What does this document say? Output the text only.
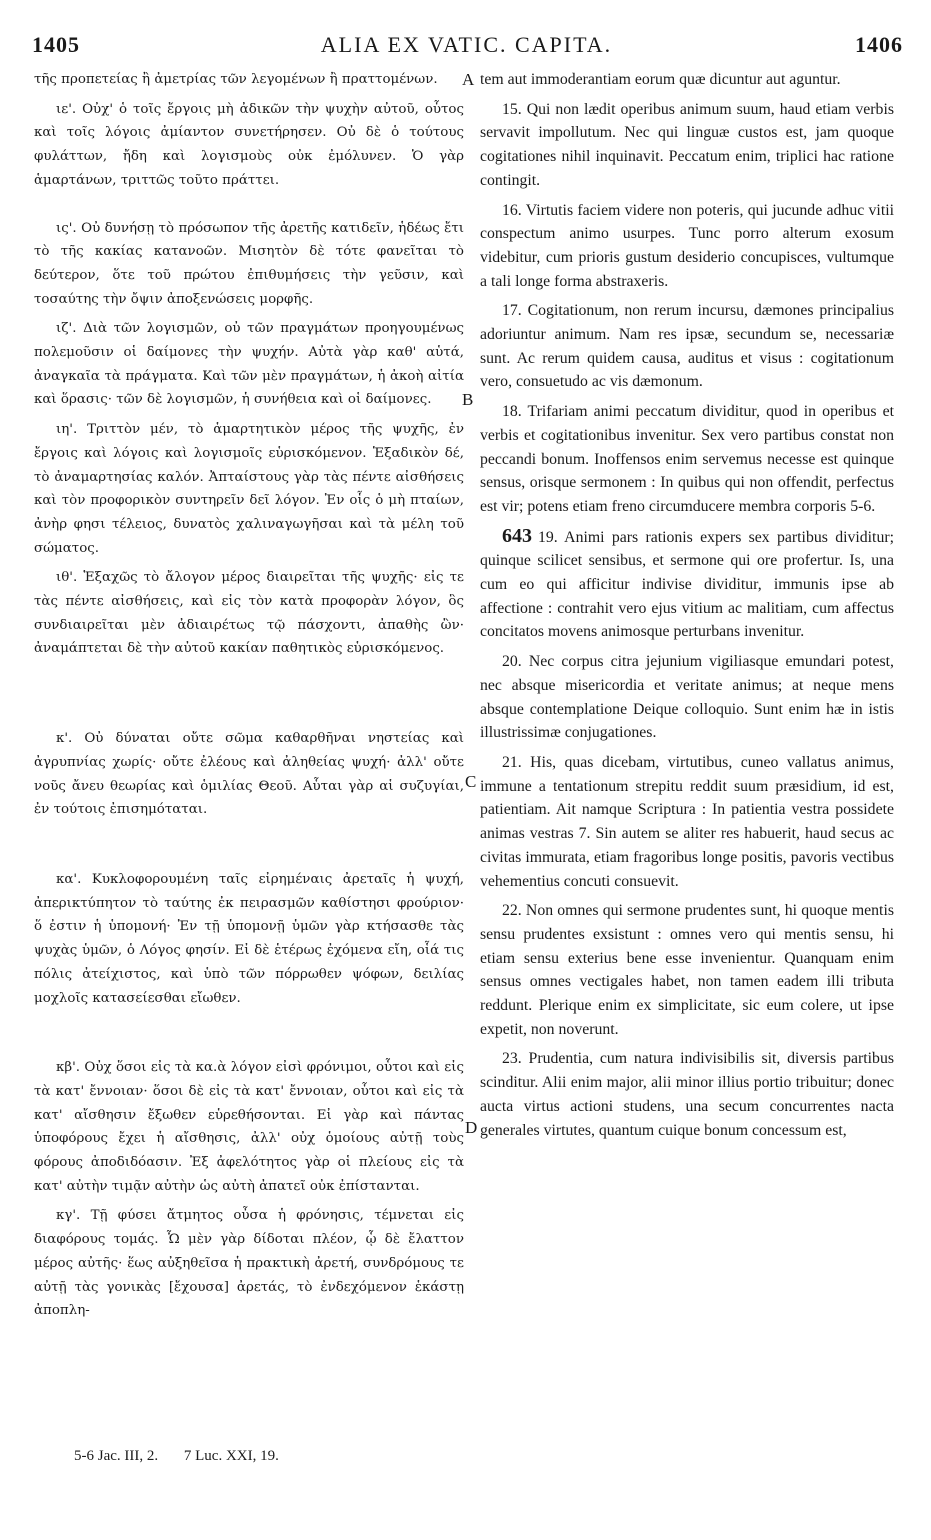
1405	ALIA EX VATIC. CAPITA.	1406

τῆς προπετείας ἢ ἀμετρίας τῶν λεγομένων ἢ πραττομένων.

ιε'. Οὐχ' ὁ τοῖς ἔργοις μὴ ἀδικῶν τὴν ψυχὴν αὐτοῦ, οὗτος καὶ τοῖς λόγοις ἀμίαντον συνετήρησεν. Οὐ δὲ ὁ τούτους φυλάττων, ἤδη καὶ λογισμοὺς οὐκ ἐμόλυνεν. Ὁ γὰρ ἁμαρτάνων, τριττῶς τοῦτο πράττει.

ις'. Οὐ δυνήσῃ τὸ πρόσωπον τῆς ἀρετῆς κατιδεῖν, ἡδέως ἔτι τὸ τῆς κακίας κατανοῶν. Μισητὸν δὲ τότε φανεῖται τὸ δεύτερον, ὅτε τοῦ πρώτου ἐπιθυμήσεις τὴν γεῦσιν, καὶ τοσαύτης τὴν ὄψιν ἀποξενώσεις μορφῆς.

ιζ'. Διὰ τῶν λογισμῶν, οὐ τῶν πραγμάτων προηγουμένως πολεμοῦσιν οἱ δαίμονες τὴν ψυχήν. Αὐτὰ γὰρ καθ' αὑτά, ἀναγκαῖα τὰ πράγματα. Καὶ τῶν μὲν πραγμάτων, ἡ ἀκοὴ αἰτία καὶ ὅρασις· τῶν δὲ λογισμῶν, ἡ συνήθεια καὶ οἱ δαίμονες.

ιη'. Τριττὸν μέν, τὸ ἁμαρτητικὸν μέρος τῆς ψυχῆς, ἐν ἔργοις καὶ λόγοις καὶ λογισμοῖς εὑρισκόμενον. Ἑξαδικὸν δέ, τὸ ἀναμαρτησίας καλόν. Ἀπταίστους γὰρ τὰς πέντε αἰσθήσεις καὶ τὸν προφορικὸν συντηρεῖν δεῖ λόγον. Ἐν οἷς ὁ μὴ πταίων, ἀνὴρ φησι τέλειος, δυνατὸς χαλιναγωγῆσαι καὶ τὰ μέλη τοῦ σώματος.

ιθ'. Ἑξαχῶς τὸ ἄλογον μέρος διαιρεῖται τῆς ψυχῆς· εἰς τε τὰς πέντε αἰσθήσεις, καὶ εἰς τὸν κατὰ προφορὰν λόγον, ὃς συνδιαιρεῖται μὲν ἀδιαιρέτως τῷ πάσχοντι, ἀπαθὴς ὢν· ἀναμάπτεται δὲ τὴν αὐτοῦ κακίαν παθητικὸς εὑρισκόμενος.

κ'. Οὐ δύναται οὔτε σῶμα καθαρθῆναι νηστείας καὶ ἀγρυπνίας χωρίς· οὔτε ἐλέους καὶ ἀληθείας ψυχή· ἀλλ' οὔτε νοῦς ἄνευ θεωρίας καὶ ὁμιλίας Θεοῦ. Αὗται γὰρ αἱ συζυγίαι, ἐν τούτοις ἐπισημόταται.

κα'. Κυκλοφορουμένη ταῖς εἰρημέναις ἀρεταῖς ἡ ψυχή, ἀπερικτύπητον τὸ ταύτης ἐκ πειρασμῶν καθίστησι φρούριον· ὅ ἐστιν ἡ ὑπομονή· Ἐν τῇ ὑπομονῇ ὑμῶν γὰρ κτήσασθε τὰς ψυχὰς ὑμῶν, ὁ Λόγος φησίν. Εἰ δὲ ἑτέρως ἐχόμενα εἴη, οἷά τις πόλις ἀτείχιστος, καὶ ὑπὸ τῶν πόρρωθεν ψόφων, δειλίας μοχλοῖς κατασείεσθαι εἴωθεν.

κβ'. Οὐχ ὅσοι εἰς τὰ κα.ὰ λόγον εἰσὶ φρόνιμοι, οὗτοι καὶ εἰς τὰ κατ' ἔννοιαν· ὅσοι δὲ εἰς τὰ κατ' ἔννοιαν, οὗτοι καὶ εἰς τὰ κατ' αἴσθησιν ἔξωθεν εὑρεθήσονται. Εἰ γὰρ καὶ πάντας ὑποφόρους ἔχει ἡ αἴσθησις, ἀλλ' οὐχ ὁμοίους αὐτῇ τοὺς φόρους ἀποδιδόασιν. Ἐξ ἀφελότητος γὰρ οἱ πλείους εἰς τὰ κατ' αὐτὴν τιμᾷν αὐτὴν ὡς αὐτὴ ἀπατεῖ οὐκ ἐπίστανται.

κγ'. Τῇ φύσει ἄτμητος οὖσα ἡ φρόνησις, τέμνεται εἰς διαφόρους τομάς. Ὧ μὲν γὰρ δίδοται πλέον, ᾧ δὲ ἔλαττον μέρος αὐτῆς· ἕως αὐξηθεῖσα ἡ πρακτικὴ ἀρετή, συνδρόμους τε αὐτῇ τὰς γονικὰς [ἔχουσα] ἀρετάς, τὸ ἐνδεχόμενον ἑκάστῃ ἀποπλη-

tem aut immoderantiam eorum quæ dicuntur aut aguntur.

15. Qui non lædit operibus animum suum, haud etiam verbis servavit impollutum. Nec qui linguæ custos est, jam quoque cogitationes nihil inquinavit. Peccatum enim, triplici hac ratione contingit.

16. Virtutis faciem videre non poteris, qui jucunde adhuc vitii conspectum animo usurpes. Tunc porro alterum exosum videbitur, cum prioris gustum desiderio concupisces, vultumque a tali longe forma abstraxeris.

17. Cogitationum, non rerum incursu, dæmones principalius adoriuntur animum. Nam res ipsæ, secundum se, necessariæ sunt. Ac rerum quidem causa, auditus et visus : cogitationum vero, consuetudo ac vis dæmonum.

18. Trifariam animi peccatum dividitur, quod in operibus et verbis et cogitationibus invenitur. Sex vero partibus constat non peccandi bonum. Inoffensos enim servemus necesse est quinque sensus, orisque sermonem : In quibus qui non offendit, perfectus est vir; potens etiam freno circumducere membra corporis 5-6.

643 19. Animi pars rationis expers sex partibus dividitur; quinque scilicet sensibus, et sermone qui ore profertur. Is, una cum eo qui afficitur indivise dividitur, immunis ipse ab affectione : contrahit vero ejus vitium ac malitiam, cum affectus concitatos movens animosque perturbans invenitur.

20. Nec corpus citra jejunium vigiliasque emundari potest, nec absque misericordia et veritate animus; at neque mens absque contemplatione Deique colloquio. Sunt enim hæ in istis illustrissimæ conjugationes.

21. His, quas dicebam, virtutibus, cuneo vallatus animus, immune a tentationum strepitu reddit suum præsidium, id est, patientiam. Ait namque Scriptura : In patientia vestra possidete animas vestras 7. Sin autem se aliter res habuerit, haud secus ac civitas immurata, etiam fragoribus longe positis, pavoris vectibus vehementius concuti consuevit.

22. Non omnes qui sermone prudentes sunt, hi quoque mentis sensu prudentes exsistunt : omnes vero qui mentis sensu, hi etiam sensu exterius bene esse invenientur. Quanquam enim sensus omnes vectigales habet, non tamen eadem illi tributa reddunt. Plerique enim ex simplicitate, sic eum colere, ut ipse expetit, non noverunt.

23. Prudentia, cum natura indivisibilis sit, diversis partibus scinditur. Alii enim major, alii minor illius portio tribuitur; donec aucta virtus actioni studens, una secum concurrentes nacta generales virtutes, quantum cuique bonum concessum est,

A
B
C
D
5-6 Jac. III, 2. 7 Luc. XXI, 19.
